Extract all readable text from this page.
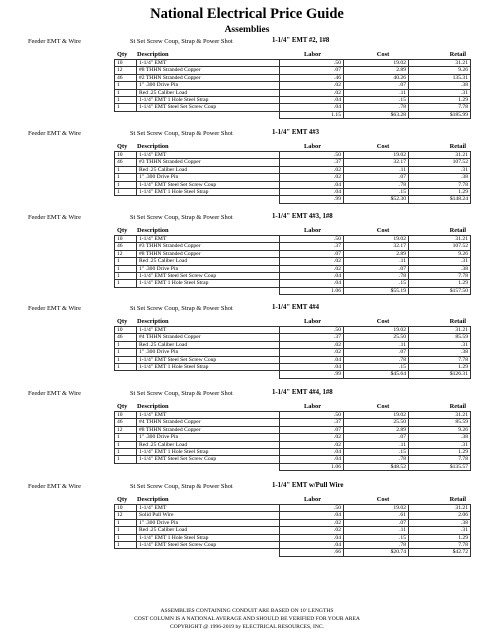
National Electrical Price Guide
Assemblies
Feeder EMT & Wire	St Set Screw Coup, Strap & Power Shot	1-1/4" EMT #2, 1#8
Qty Description	Labor	Cost	Retail
10	1-1/4" EMT	.50	19.02	31.21
12	#8 THHN Stranded Copper	.07	2.89	9.26
46	#2 THHN Stranded Copper	.46	40.26	135.31
1	1" .300 Drive Pin	.02	.07	.38
1	Red .25 Caliber Load	.02	.11	.31
1	1-1/4" EMT 1 Hole Steel Strap	.04	.15	1.29
1	1-1/4" EMT Steel Set Screw Coup	.04	.78	7.78
		1.15	$63.28	$185.99
Feeder EMT & Wire	St Set Screw Coup, Strap & Power Shot	1-1/4" EMT 4#3
Qty Description	Labor	Cost	Retail
10	1-1/4" EMT	.50	19.02	31.21
46	#3 THHN Stranded Copper	.37	32.17	107.52
1	Red .25 Caliber Load	.02	.11	.31
1	1" .300 Drive Pin	.02	.07	.38
1	1-1/4" EMT Steel Set Screw Coup	.04	.78	7.78
1	1-1/4" EMT 1 Hole Steel Strap	.04	.15	1.29
		.99	$52.30	$148.24
Feeder EMT & Wire	St Set Screw Coup, Strap & Power Shot	1-1/4" EMT 4#3, 1#8
Qty Description	Labor	Cost	Retail
10	1-1/4" EMT	.50	19.02	31.21
46	#3 THHN Stranded Copper	.37	32.17	107.52
12	#8 THHN Stranded Copper	.07	2.89	9.26
1	Red .25 Caliber Load	.02	.11	.31
1	1" .300 Drive Pin	.02	.07	.38
1	1-1/4" EMT Steel Set Screw Coup	.04	.78	7.78
1	1-1/4" EMT 1 Hole Steel Strap	.04	.15	1.29
		1.06	$55.19	$157.50
Feeder EMT & Wire	St Set Screw Coup, Strap & Power Shot	1-1/4" EMT 4#4
Qty Description	Labor	Cost	Retail
10	1-1/4" EMT	.50	19.02	31.21
46	#4 THHN Stranded Copper	.37	25.50	85.59
1	Red .25 Caliber Load	.02	.11	.31
1	1" .300 Drive Pin	.02	.07	.38
1	1-1/4" EMT Steel Set Screw Coup	.04	.78	7.78
1	1-1/4" EMT 1 Hole Steel Strap	.04	.15	1.29
		.99	$45.64	$126.31
Feeder EMT & Wire	St Set Screw Coup, Strap & Power Shot	1-1/4" EMT 4#4, 1#8
Qty Description	Labor	Cost	Retail
10	1-1/4" EMT	.50	19.02	31.21
46	#4 THHN Stranded Copper	.37	25.50	85.59
12	#8 THHN Stranded Copper	.07	2.89	9.26
1	1" .300 Drive Pin	.02	.07	.38
1	Red .25 Caliber Load	.02	.11	.31
1	1-1/4" EMT 1 Hole Steel Strap	.04	.15	1.29
1	1-1/4" EMT Steel Set Screw Coup	.04	.78	7.78
		1.06	$48.52	$135.57
Feeder EMT & Wire	St Set Screw Coup, Strap & Power Shot	1-1/4" EMT w/Pull Wire
Qty Description	Labor	Cost	Retail
10	1-1/4" EMT	.50	19.02	31.21
12	Solid Pull Wire	.04	.61	2.06
1	1" .300 Drive Pin	.02	.07	.38
1	Red .25 Caliber Load	.02	.11	.31
1	1-1/4" EMT 1 Hole Steel Strap	.04	.15	1.29
1	1-1/4" EMT Steel Set Screw Coup	.04	.78	7.78
		.66	$20.74	$42.72
ASSEMBLIES CONTAINING CONDUIT ARE BASED ON 10' LENGTHS
COST COLUMN IS A NATIONAL AVERAGE AND SHOULD BE VERIFIED FOR YOUR AREA
COPYRIGHT @ 1996-2019 by ELECTRICAL RESOURCES, INC.
